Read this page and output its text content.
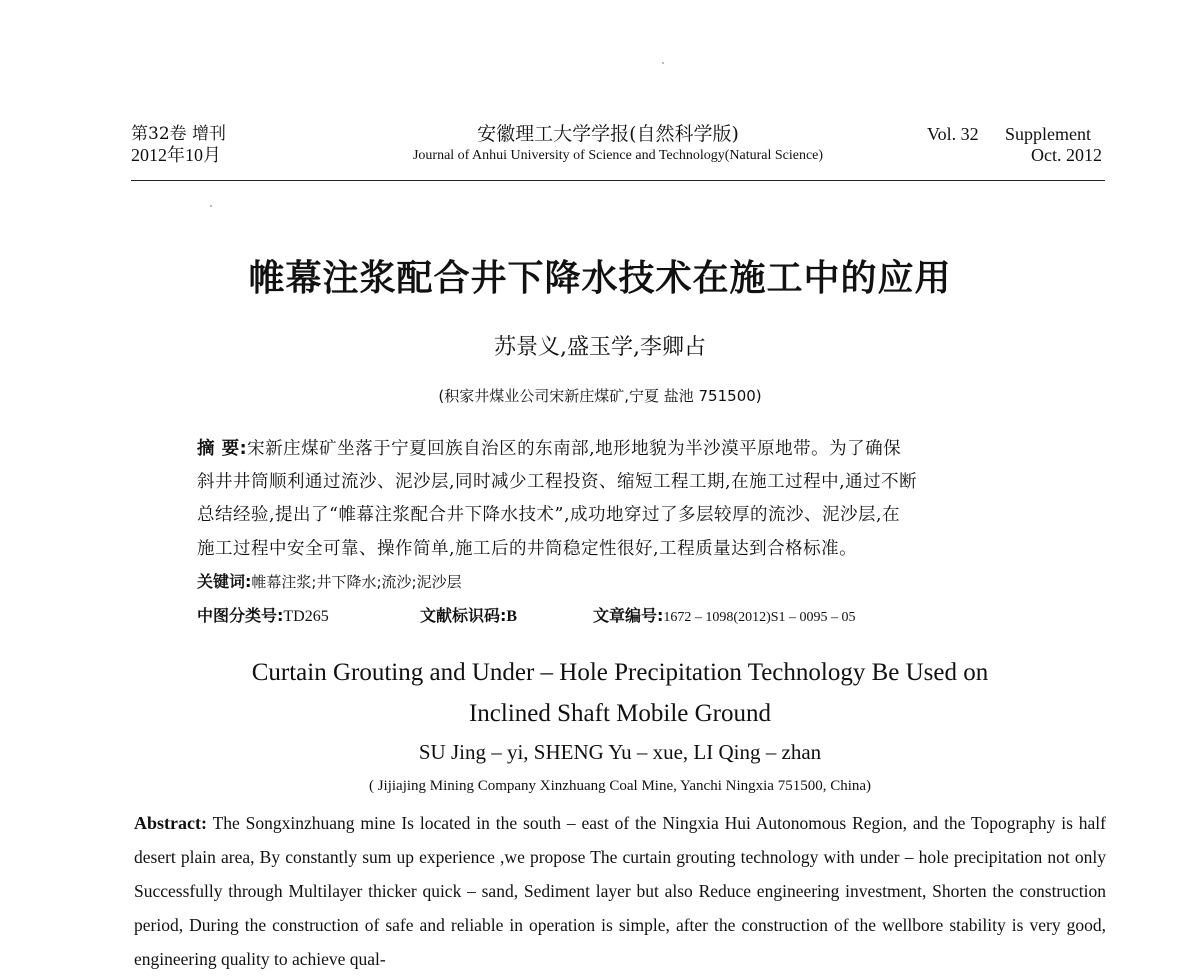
第32卷 增刊
2012年10月
安徽理工大学学报(自然科学版)
Journal of Anhui University of Science and Technology(Natural Science)
Vol. 32 Supplement
Oct. 2012
帷幕注浆配合井下降水技术在施工中的应用
苏景义,盛玉学,李卿占
(积家井煤业公司宋新庄煤矿,宁夏 盐池 751500)
摘 要:宋新庄煤矿坐落于宁夏回族自治区的东南部,地形地貌为半沙漠平原地带。为了确保
斜井井筒顺利通过流沙、泥沙层,同时减少工程投资、缩短工程工期,在施工过程中,通过不断
总结经验,提出了“帷幕注浆配合井下降水技术”,成功地穿过了多层较厚的流沙、泥沙层,在
施工过程中安全可靠、操作简单,施工后的井筒稳定性很好,工程质量达到合格标准。
关键词:帷幕注浆;井下降水;流沙;泥沙层
中图分类号:TD265	文献标识码:B	文章编号:1672 – 1098(2012)S1 – 0095 – 05
Curtain Grouting and Under – Hole Precipitation Technology Be Used on
Inclined Shaft Mobile Ground
SU Jing – yi, SHENG Yu – xue, LI Qing – zhan
( Jijiajing Mining Company Xinzhuang Coal Mine, Yanchi Ningxia 751500, China)
Abstract: The Songxinzhuang mine Is located in the south – east of the Ningxia Hui Autonomous Region, and the Topography is half desert plain area, By constantly sum up experience ,we propose The curtain grouting technology with under – hole precipitation not only Successfully through Multilayer thicker quick – sand, Sediment layer but also Reduce engineering investment, Shorten the construction period, During the construction of safe and reliable in operation is simple, after the construction of the wellbore stability is very good, engineering quality to achieve qual-
